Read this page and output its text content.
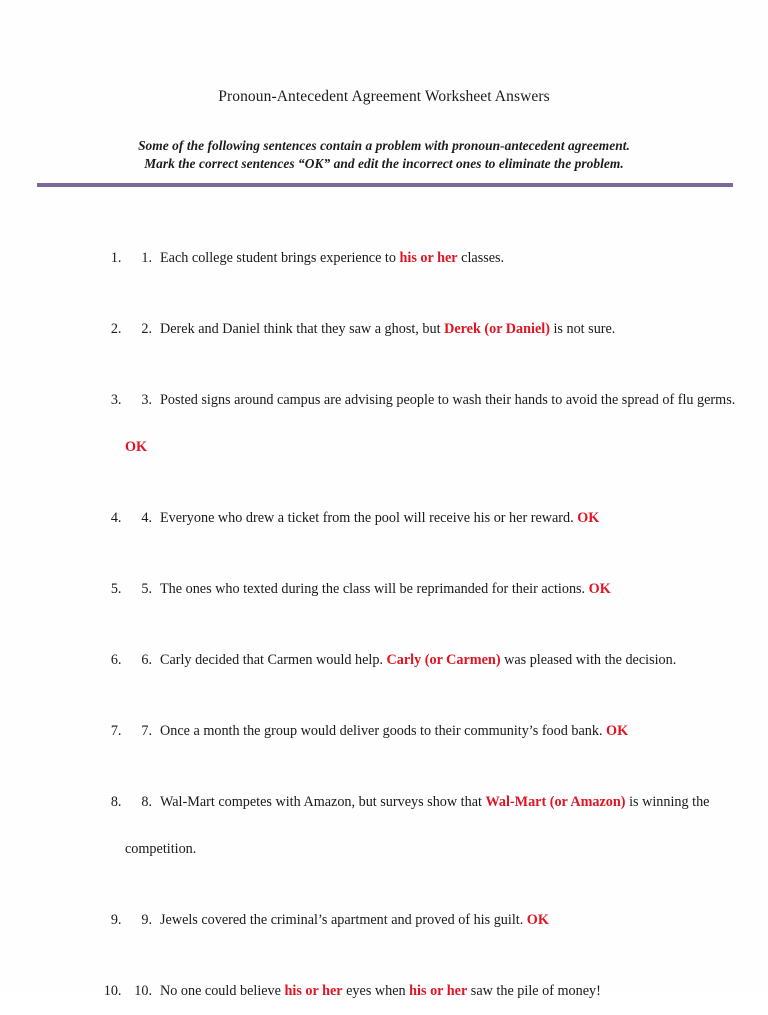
Pronoun-Antecedent Agreement Worksheet Answers
Some of the following sentences contain a problem with pronoun-antecedent agreement.
Mark the correct sentences “OK” and edit the incorrect ones to eliminate the problem.
1. 1. Each college student brings experience to his or her classes.
2. 2. Derek and Daniel think that they saw a ghost, but Derek (or Daniel) is not sure.
3. 3. Posted signs around campus are advising people to wash their hands to avoid the spread of flu germs. OK
4. 4. Everyone who drew a ticket from the pool will receive his or her reward. OK
5. 5. The ones who texted during the class will be reprimanded for their actions. OK
6. 6. Carly decided that Carmen would help. Carly (or Carmen) was pleased with the decision.
7. 7. Once a month the group would deliver goods to their community’s food bank. OK
8. 8. Wal-Mart competes with Amazon, but surveys show that Wal-Mart (or Amazon) is winning the competition.
9. 9. Jewels covered the criminal’s apartment and proved of his guilt. OK
10. 10. No one could believe his or her eyes when his or her saw the pile of money!
